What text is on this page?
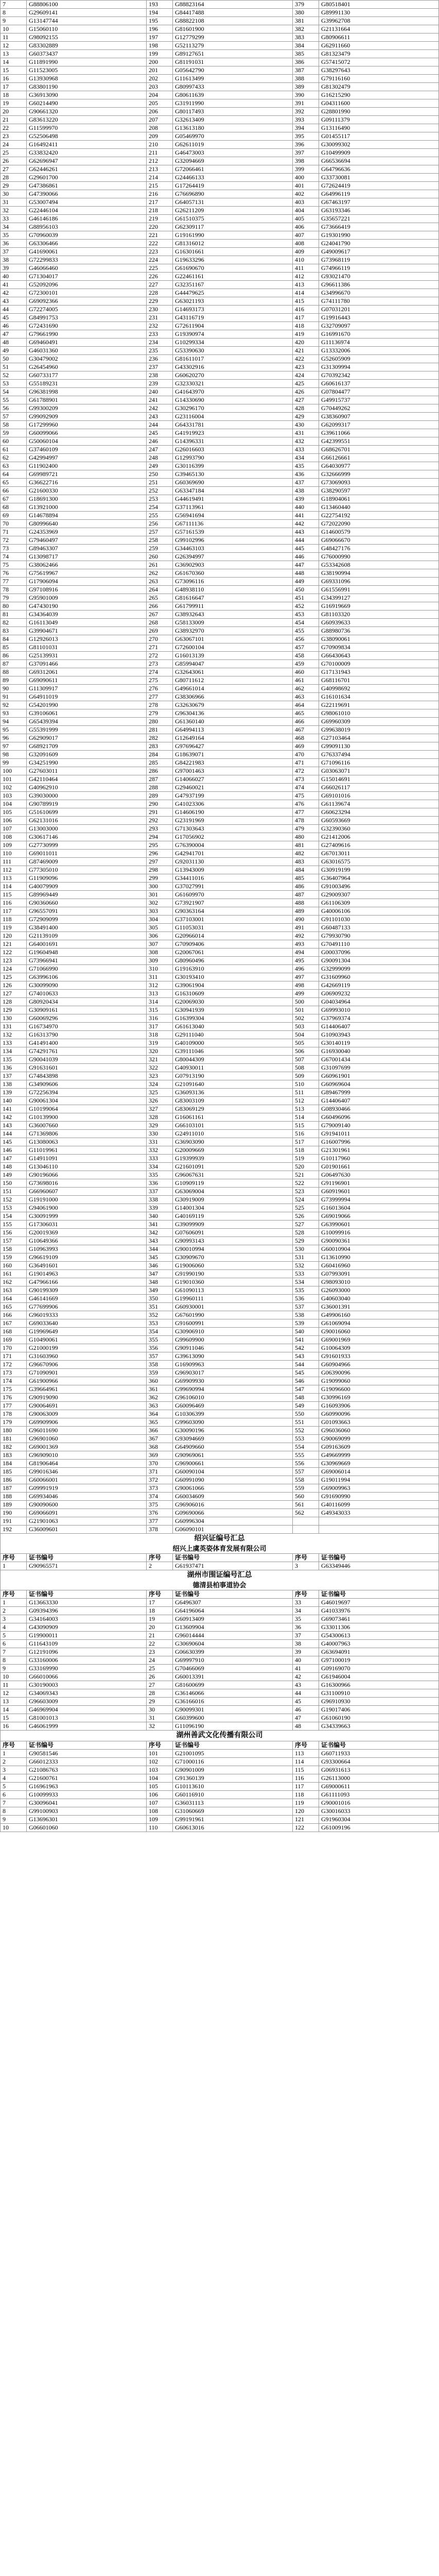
7	G88806100	193	G88823164	379	G80518401
8	G29609141	194	G84417488	380	G89991130
9	G13147744	195	G88822108	381	G39962708
10	G15060110	196	G81601900	382	G21131664
11	G98092155	197	G12779299	383	G80906611
12	G83302889	198	G52113279	384	G62911660
13	G60373437	199	G89127651	385	G81323479
14	G11891990	200	G81191031	386	G57415072
15	G11523005	201	G05642790	387	G38297643
16	G13930968	202	G11613499	388	G79116160
17	G83801190	203	G80997433	389	G81302479
18	G36913090	204	G80611639	390	G16215290
19	G60214490	205	G31911990	391	G04311600
20	G90661320	206	G80117493	392	G28801990
21	G83613220	207	G32613409	393	G09111379
22	G11599970	208	G13613180	394	G13116490
23	G52506498	209	G05469970	395	G01455117
24	G16492411	210	G62611019	396	G30099302
25	G33832420	211	G46473003	397	G10499909
26	G62696947	212	G32094669	398	G66536694
27	G62446261	213	G72066461	399	G64796636
28	G29601700	214	G24466133	400	G33730081
29	G47386861	215	G17264419	401	G72624419
30	G47390066	216	G76696890	402	G64996119
31	G53007494	217	G64057131	403	G67463197
32	G22446104	218	G26211209	404	G63193346
33	G46146186	219	G61510375	405	G35657221
34	G88956103	220	G62309117	406	G73666419
35	G70960039	221	G19161990	407	G19301990
36	G63306466	222	G81316012	408	G24041790
37	G41690061	223	G16301661	409	G49009617
38	G72299833	224	G19633296	410	G73968119
39	G46066460	225	G61690670	411	G74966119
40	G71304017	226	G22461161	412	G93021470
41	G52092096	227	G32351167	413	G96611386
42	G72300101	228	G44479625	414	G34996670
43	G69092366	229	G63021193	415	G74111780
44	G72274005	230	G14693173	416	G07031201
45	G84991753	231	G43116719	417	G19916443
46	G72431690	232	G72611904	418	G32709097
47	G79661990	233	G19390974	419	G16991670
48	G69460491	234	G10299334	420	G11136974
49	G46031360	235	G53390630	421	G13332006
50	G30479002	236	G81611017	422	G52605909
51	G26454960	237	G43302916	423	G31309994
52	G60733177	238	G60620270	424	G70392342
53	G55189231	239	G32330321	425	G60616137
54	G96381998	240	G41643970	426	G07804477
55	G61788901	241	G14330690	427	G49915737
56	G99300209	242	G30296170	428	G70449262
57	G99092909	243	G23116004	429	G38360907
58	G17299960	244	G64331781	430	G62099317
59	G60099066	245	G41919923	431	G39611066
60	G50060104	246	G14396331	432	G42399551
61	G37460109	247	G26016603	433	G68626701
62	G42994997	248	G12993790	434	G66126661
63	G11902400	249	G30116399	435	G64030977
64	G69989721	250	G39465130	436	G32666999
65	G36622716	251	G60369690	437	G73069093
66	G21600330	252	G63347184	438	G38290597
67	G18691300	253	G44619491	439	G18904061
68	G13921000	254	G37113961	440	G13460440
69	G14678894	255	G56941694	441	G22754192
70	G80996640	256	G67111136	442	G72022090
71	G24353969	257	G57161539	443	G14600579
72	G79460497	258	G99102996	444	G69066670
73	G89463307	259	G34463103	445	G48427176
74	G13098717	260	G26394997	446	G76000990
75	G38062466	261	G36902903	447	G53342608
76	G75619967	262	G61670360	448	G38190994
77	G17906094	263	G73096116	449	G69331096
78	G97108916	264	G48938110	450	G61556991
79	G95901009	265	G81616647	451	G34399127
80	G47430190	266	G61799911	452	G16919669
81	G34364039	267	G38932643	453	G81103320
82	G16113049	268	G58133009	454	G60939633
83	G39904671	269	G38932970	455	G88980736
84	G12926013	270	G63067101	456	G38090061
85	G81101031	271	G72600104	457	G70909834
86	G25139931	272	G16013139	458	G66430643
87	G37091466	273	G85994047	459	G70100009
88	G69312061	274	G32643061	460	G17131943
89	G69090611	275	G80711612	461	G68116701
90	G11309917	276	G49661014	462	G40998692
91	G64911019	277	G38306966	463	G16101634
92	G54201990	278	G32630679	464	G22119691
93	G39106061	279	G96304136	465	G98061010
94	G65439394	280	G61360140	466	G69960309
95	G55391999	281	G64994113	467	G99638019
96	G62909017	282	G12649164	468	G27103464
97	G68921709	283	G97696427	469	G99091130
98	G32091609	284	G18639071	470	G76337494
99	G34251990	285	G84221983	471	G71096116
100	G27603011	286	G97001463	472	G03063071
101	G42110464	287	G14066027	473	G15014691
102	G40962910	288	G29460021	474	G66026117
103	G39030000	289	G47937199	475	G69101016
104	G90789919	290	G41023306	476	G61139674
105	G51610699	291	G14606190	477	G60623294
106	G62131016	292	G23191969	478	G60593669
107	G13003000	293	G71303643	479	G32390360
108	G30617146	294	G17056902	480	G21412006
109	G27730999	295	G76390004	481	G27409616
110	G69011011	296	G42941701	482	G67013011
111	G87469009	297	G92031130	483	G63016575
112	G77305010	298	G13943009	484	G30919199
113	G11909096	299	G34411016	485	G36407964
114	G40079909	300	G37027991	486	G91003496
115	G89969449	301	G61609970	487	G29009307
116	G90360660	302	G73921907	488	G61106309
117	G96557091	303	G90363164	489	G40006106
118	G72909099	304	G37103001	490	G91101030
119	G38491400	305	G11053031	491	G60487133
120	G21139109	306	G20966014	492	G79930790
121	G64001691	307	G70909406	493	G70491110
122	G19604948	308	G20067061	494	G00037096
123	G73966941	309	G80960496	495	G90091304
124	G71066990	310	G19163910	496	G32999099
125	G63996106	311	G30193410	497	G31609960
126	G30099090	312	G39061904	498	G42669119
127	G74010633	313	G16310609	499	G06909232
128	G80920434	314	G20069030	500	G04034964
129	G30909161	315	G30941939	501	G69993010
130	G60069296	316	G16399304	502	G37969374
131	G16734970	317	G61613040	503	G14406407
132	G16313790	318	G29111040	504	G10903943
133	G41491400	319	G40109000	505	G30140119
134	G74291761	320	G39111046	506	G16930040
135	G90041039	321	G80044309	507	G67001434
136	G91631601	322	G40930011	508	G31097699
137	G74843898	323	G07913190	509	G60961901
138	G34909606	324	G21091640	510	G60969604
139	G72256394	325	G36093136	511	G89467999
140	G90061304	326	G83003109	512	G14406407
141	G10199064	327	G83069129	513	G08930466
142	G10139900	328	G16061161	514	G60496096
143	G36007660	329	G66103101	515	G79009140
144	G71369806	330	G24911010	516	G91941011
145	G13080063	331	G36903090	517	G16007996
146	G11019961	332	G20009669	518	G21301961
147	G14911091	333	G19399939	519	G10117960
148	G13046110	334	G21601091	520	G01901661
149	G90196066	335	G96067631	521	G06497630
150	G73698016	336	G10909119	522	G91196901
151	G66960607	337	G63069004	523	G60919601
152	G19191000	338	G30919009	524	G73999994
153	G94061900	339	G14001304	525	G16013604
154	G30091999	340	G40169119	526	G69019066
155	G17306031	341	G39099909	527	G63990601
156	G20019369	342	G07606091	528	G10099916
157	G10649366	343	G90993143	529	G90090361
158	G10963993	344	G90010994	530	G60010904
159	G96619109	345	G30909670	531	G13610990
160	G36491601	346	G19006060	532	G60416960
161	G19014963	347	G91990190	533	G07993091
162	G47966166	348	G19010360	534	G98093010
163	G90199309	349	G61090113	535	G26093000
164	G46141669	350	G19960111	536	G40603040
165	G77699906	351	G60930001	537	G36001391
166	G96019333	352	G67601990	538	G49906160
167	G69033640	353	G91600991	539	G61069094
168	G19969649	354	G30906910	540	G90016060
169	G10490061	355	G99609900	541	G69001969
170	G21000199	356	G90911046	542	G10064309
171	G31603960	357	G39613090	543	G91601933
172	G96670906	358	G16909963	544	G60904966
173	G71090901	359	G96903017	545	G06390096
174	G61900966	360	G69909930	546	G19099060
175	G39664961	361	G99690994	547	G19096600
176	G90919090	362	G96106010	548	G30996169
177	G90064691	363	G60096469	549	G16093906
178	G90063009	364	G10306399	550	G60990096
179	G69909906	365	G99603090	551	G01093663
180	G96011690	366	G30090196	552	G96036060
181	G96901060	367	G93094669	553	G90069099
182	G69001369	368	G64909660	554	G09163609
183	G96909010	369	G90969061	555	G49669999
184	G81906464	370	G96900661	556	G30969669
185	G99016346	371	G60090104	557	G69006014
186	G60066001	372	G60991090	558	G19011994
187	G09991919	373	G90061066	559	G69009963
188	G69934046	374	G60034609	560	G91690990
189	G90090600	375	G96906016	561	G40116099
190	G69066091	376	G09690066	562	G49343033
191	G21901063	377	G60996304		
192	G36009601	378	G06090101		
绍兴证编号汇总
绍兴上虞英姿体育发展有限公司
序号	证书编号	序号	证书编号	序号	证书编号
1	G90965571	2	G61937471	3	G63349446
湖州市围证编号汇总
德清县柏事道协会
序号	证书编号	序号	证书编号	序号	证书编号
1	G13663330	17	G6496307	33	G46019697
2	G09394396	18	G64196064	34	G41033976
3	G34164003	19	G60913409	35	G69073461
4	G43090909	20	G13609904	36	G33011306
5	G19900011	21	G96014444	37	G54300613
6	G11643109	22	G30690604	38	G40007963
7	G12191096	23	G06630399	39	G63694091
8	G33160006	24	G69997910	40	G97100019
9	G33169990	25	G70466069	41	G09169070
10	G66010066	26	G60013391	42	G61946004
11	G30190003	27	G81600699	43	G16300966
12	G34069343	28	G36146066	44	G31100910
13	G96603009	29	G36166016	45	G96910930
14	G46969904	30	G90099301	46	G19017406
15	G81001013	31	G60399600	47	G61060190
16	G46061999	32	G11096190	48	G34339663
湖州善武文化传播有限公司
序号	证书编号	序号	证书编号	序号	证书编号
1	G90581546	101	G21001095	113	G60711933
2	G66012333	102	G71000116	114	G93300664
3	G21086763	103	G90901009	115	G06931613
4	G21600761	104	G91360139	116	G26113000
5	G16961963	105	G10113610	117	G69000611
6	G10099933	106	G60116910	118	G61111093
7	G30096041	107	G36031113	119	G90001016
8	G99100903	108	G31060669	120	G30016033
9	G13696301	109	G99191961	121	G91960304
10	G06601060	110	G60613016	122	G61009196
